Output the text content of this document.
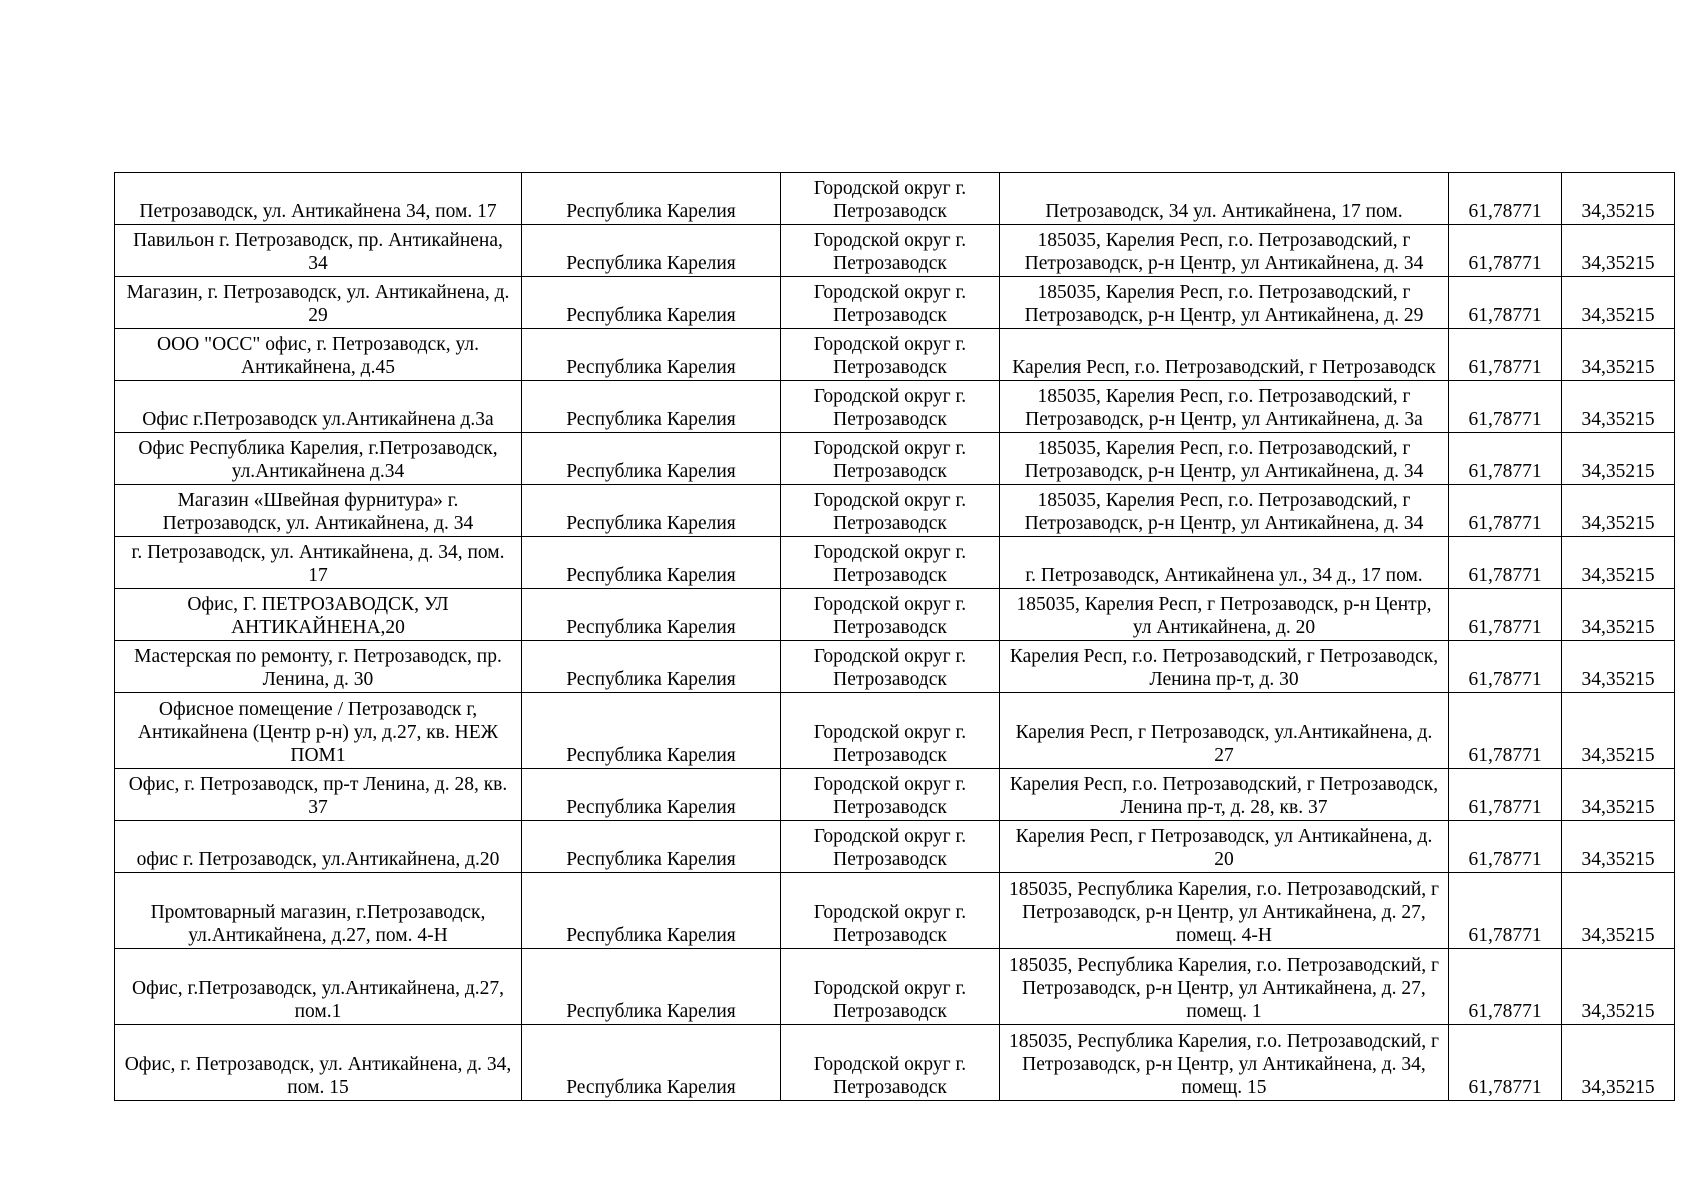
Петрозаводск, ул. Антикайнена 34, пом. 17	Республика Карелия	Городской округ г. Петрозаводск	Петрозаводск, 34 ул. Антикайнена, 17 пом.	61,78771	34,35215
Павильон г. Петрозаводск, пр. Антикайнена, 34	Республика Карелия	Городской округ г. Петрозаводск	185035, Карелия Респ, г.о. Петрозаводский, г Петрозаводск, р-н Центр, ул Антикайнена, д. 34	61,78771	34,35215
Магазин, г. Петрозаводск, ул. Антикайнена, д. 29	Республика Карелия	Городской округ г. Петрозаводск	185035, Карелия Респ, г.о. Петрозаводский, г Петрозаводск, р-н Центр, ул Антикайнена, д. 29	61,78771	34,35215
ООО "ОСС" офис, г. Петрозаводск, ул. Антикайнена, д.45	Республика Карелия	Городской округ г. Петрозаводск	Карелия Респ, г.о. Петрозаводский, г Петрозаводск	61,78771	34,35215
Офис г.Петрозаводск ул.Антикайнена д.3а	Республика Карелия	Городской округ г. Петрозаводск	185035, Карелия Респ, г.о. Петрозаводский, г Петрозаводск, р-н Центр, ул Антикайнена, д. 3а	61,78771	34,35215
Офис Республика Карелия, г.Петрозаводск, ул.Антикайнена д.34	Республика Карелия	Городской округ г. Петрозаводск	185035, Карелия Респ, г.о. Петрозаводский, г Петрозаводск, р-н Центр, ул Антикайнена, д. 34	61,78771	34,35215
Магазин «Швейная фурнитура» г. Петрозаводск, ул. Антикайнена, д. 34	Республика Карелия	Городской округ г. Петрозаводск	185035, Карелия Респ, г.о. Петрозаводский, г Петрозаводск, р-н Центр, ул Антикайнена, д. 34	61,78771	34,35215
г. Петрозаводск, ул. Антикайнена, д. 34, пом. 17	Республика Карелия	Городской округ г. Петрозаводск	г. Петрозаводск, Антикайнена ул., 34 д., 17 пом.	61,78771	34,35215
Офис, Г. ПЕТРОЗАВОДСК, УЛ АНТИКАЙНЕНА,20	Республика Карелия	Городской округ г. Петрозаводск	185035, Карелия Респ, г Петрозаводск, р-н Центр, ул Антикайнена, д. 20	61,78771	34,35215
Мастерская по ремонту, г. Петрозаводск, пр. Ленина, д. 30	Республика Карелия	Городской округ г. Петрозаводск	Карелия Респ, г.о. Петрозаводский, г Петрозаводск, Ленина пр-т, д. 30	61,78771	34,35215
Офисное помещение / Петрозаводск г, Антикайнена (Центр р-н) ул, д.27, кв. НЕЖ ПОМ1	Республика Карелия	Городской округ г. Петрозаводск	Карелия Респ, г Петрозаводск, ул.Антикайнена, д. 27	61,78771	34,35215
Офис, г. Петрозаводск, пр-т Ленина, д. 28, кв. 37	Республика Карелия	Городской округ г. Петрозаводск	Карелия Респ, г.о. Петрозаводский, г Петрозаводск, Ленина пр-т, д. 28, кв. 37	61,78771	34,35215
офис г. Петрозаводск, ул.Антикайнена, д.20	Республика Карелия	Городской округ г. Петрозаводск	Карелия Респ, г Петрозаводск, ул Антикайнена, д. 20	61,78771	34,35215
Промтоварный магазин, г.Петрозаводск, ул.Антикайнена, д.27, пом. 4-Н	Республика Карелия	Городской округ г. Петрозаводск	185035, Республика Карелия, г.о. Петрозаводский, г Петрозаводск, р-н Центр, ул Антикайнена, д. 27, помещ. 4-Н	61,78771	34,35215
Офис, г.Петрозаводск, ул.Антикайнена, д.27, пом.1	Республика Карелия	Городской округ г. Петрозаводск	185035, Республика Карелия, г.о. Петрозаводский, г Петрозаводск, р-н Центр, ул Антикайнена, д. 27, помещ. 1	61,78771	34,35215
Офис, г. Петрозаводск, ул. Антикайнена, д. 34, пом. 15	Республика Карелия	Городской округ г. Петрозаводск	185035, Республика Карелия, г.о. Петрозаводский, г Петрозаводск, р-н Центр, ул Антикайнена, д. 34, помещ. 15	61,78771	34,35215
